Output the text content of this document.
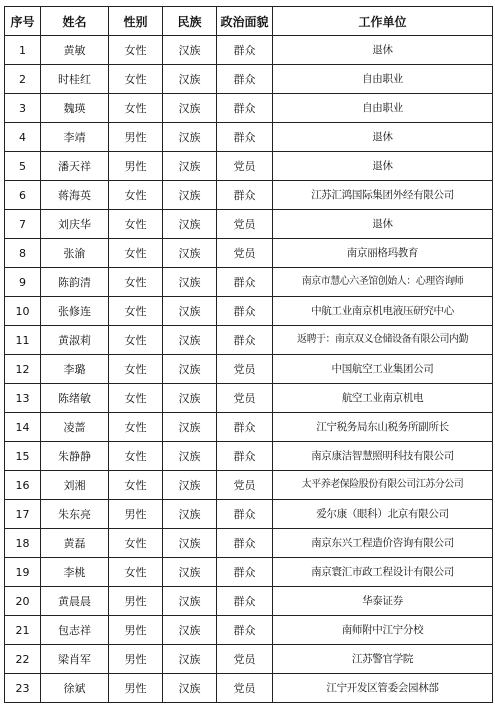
序号	姓名	性别	民族	政治面貌	工作单位
1	黄敏	女性	汉族	群众	退休
2	时桂红	女性	汉族	群众	自由职业
3	魏瑛	女性	汉族	群众	自由职业
4	李靖	男性	汉族	群众	退休
5	潘天祥	男性	汉族	党员	退休
6	蒋海英	女性	汉族	群众	江苏汇鸿国际集团外经有限公司
7	刘庆华	女性	汉族	党员	退休
8	张渝	女性	汉族	党员	南京丽格玛教育
9	陈韵清	女性	汉族	群众	南京市慧心六圣馆创始人：心理咨询师
10	张修连	女性	汉族	群众	中航工业南京机电液压研究中心
11	黄淑莉	女性	汉族	群众	返聘于：南京双义仓储设备有限公司内勤
12	李璐	女性	汉族	党员	中国航空工业集团公司
13	陈绪敏	女性	汉族	党员	航空工业南京机电
14	凌蔷	女性	汉族	群众	江宁税务局东山税务所副所长
15	朱静静	女性	汉族	群众	南京康洁智慧照明科技有限公司
16	刘湘	女性	汉族	党员	太平养老保险股份有限公司江苏分公司
17	朱东亮	男性	汉族	群众	爱尔康（眼科）北京有限公司
18	黄磊	女性	汉族	群众	南京东兴工程造价咨询有限公司
19	李桃	女性	汉族	群众	南京寰汇市政工程设计有限公司
20	黄晨晨	男性	汉族	群众	华泰证券
21	包志祥	男性	汉族	群众	南师附中江宁分校
22	梁肖军	男性	汉族	党员	江苏警官学院
23	徐斌	男性	汉族	党员	江宁开发区管委会园林部
